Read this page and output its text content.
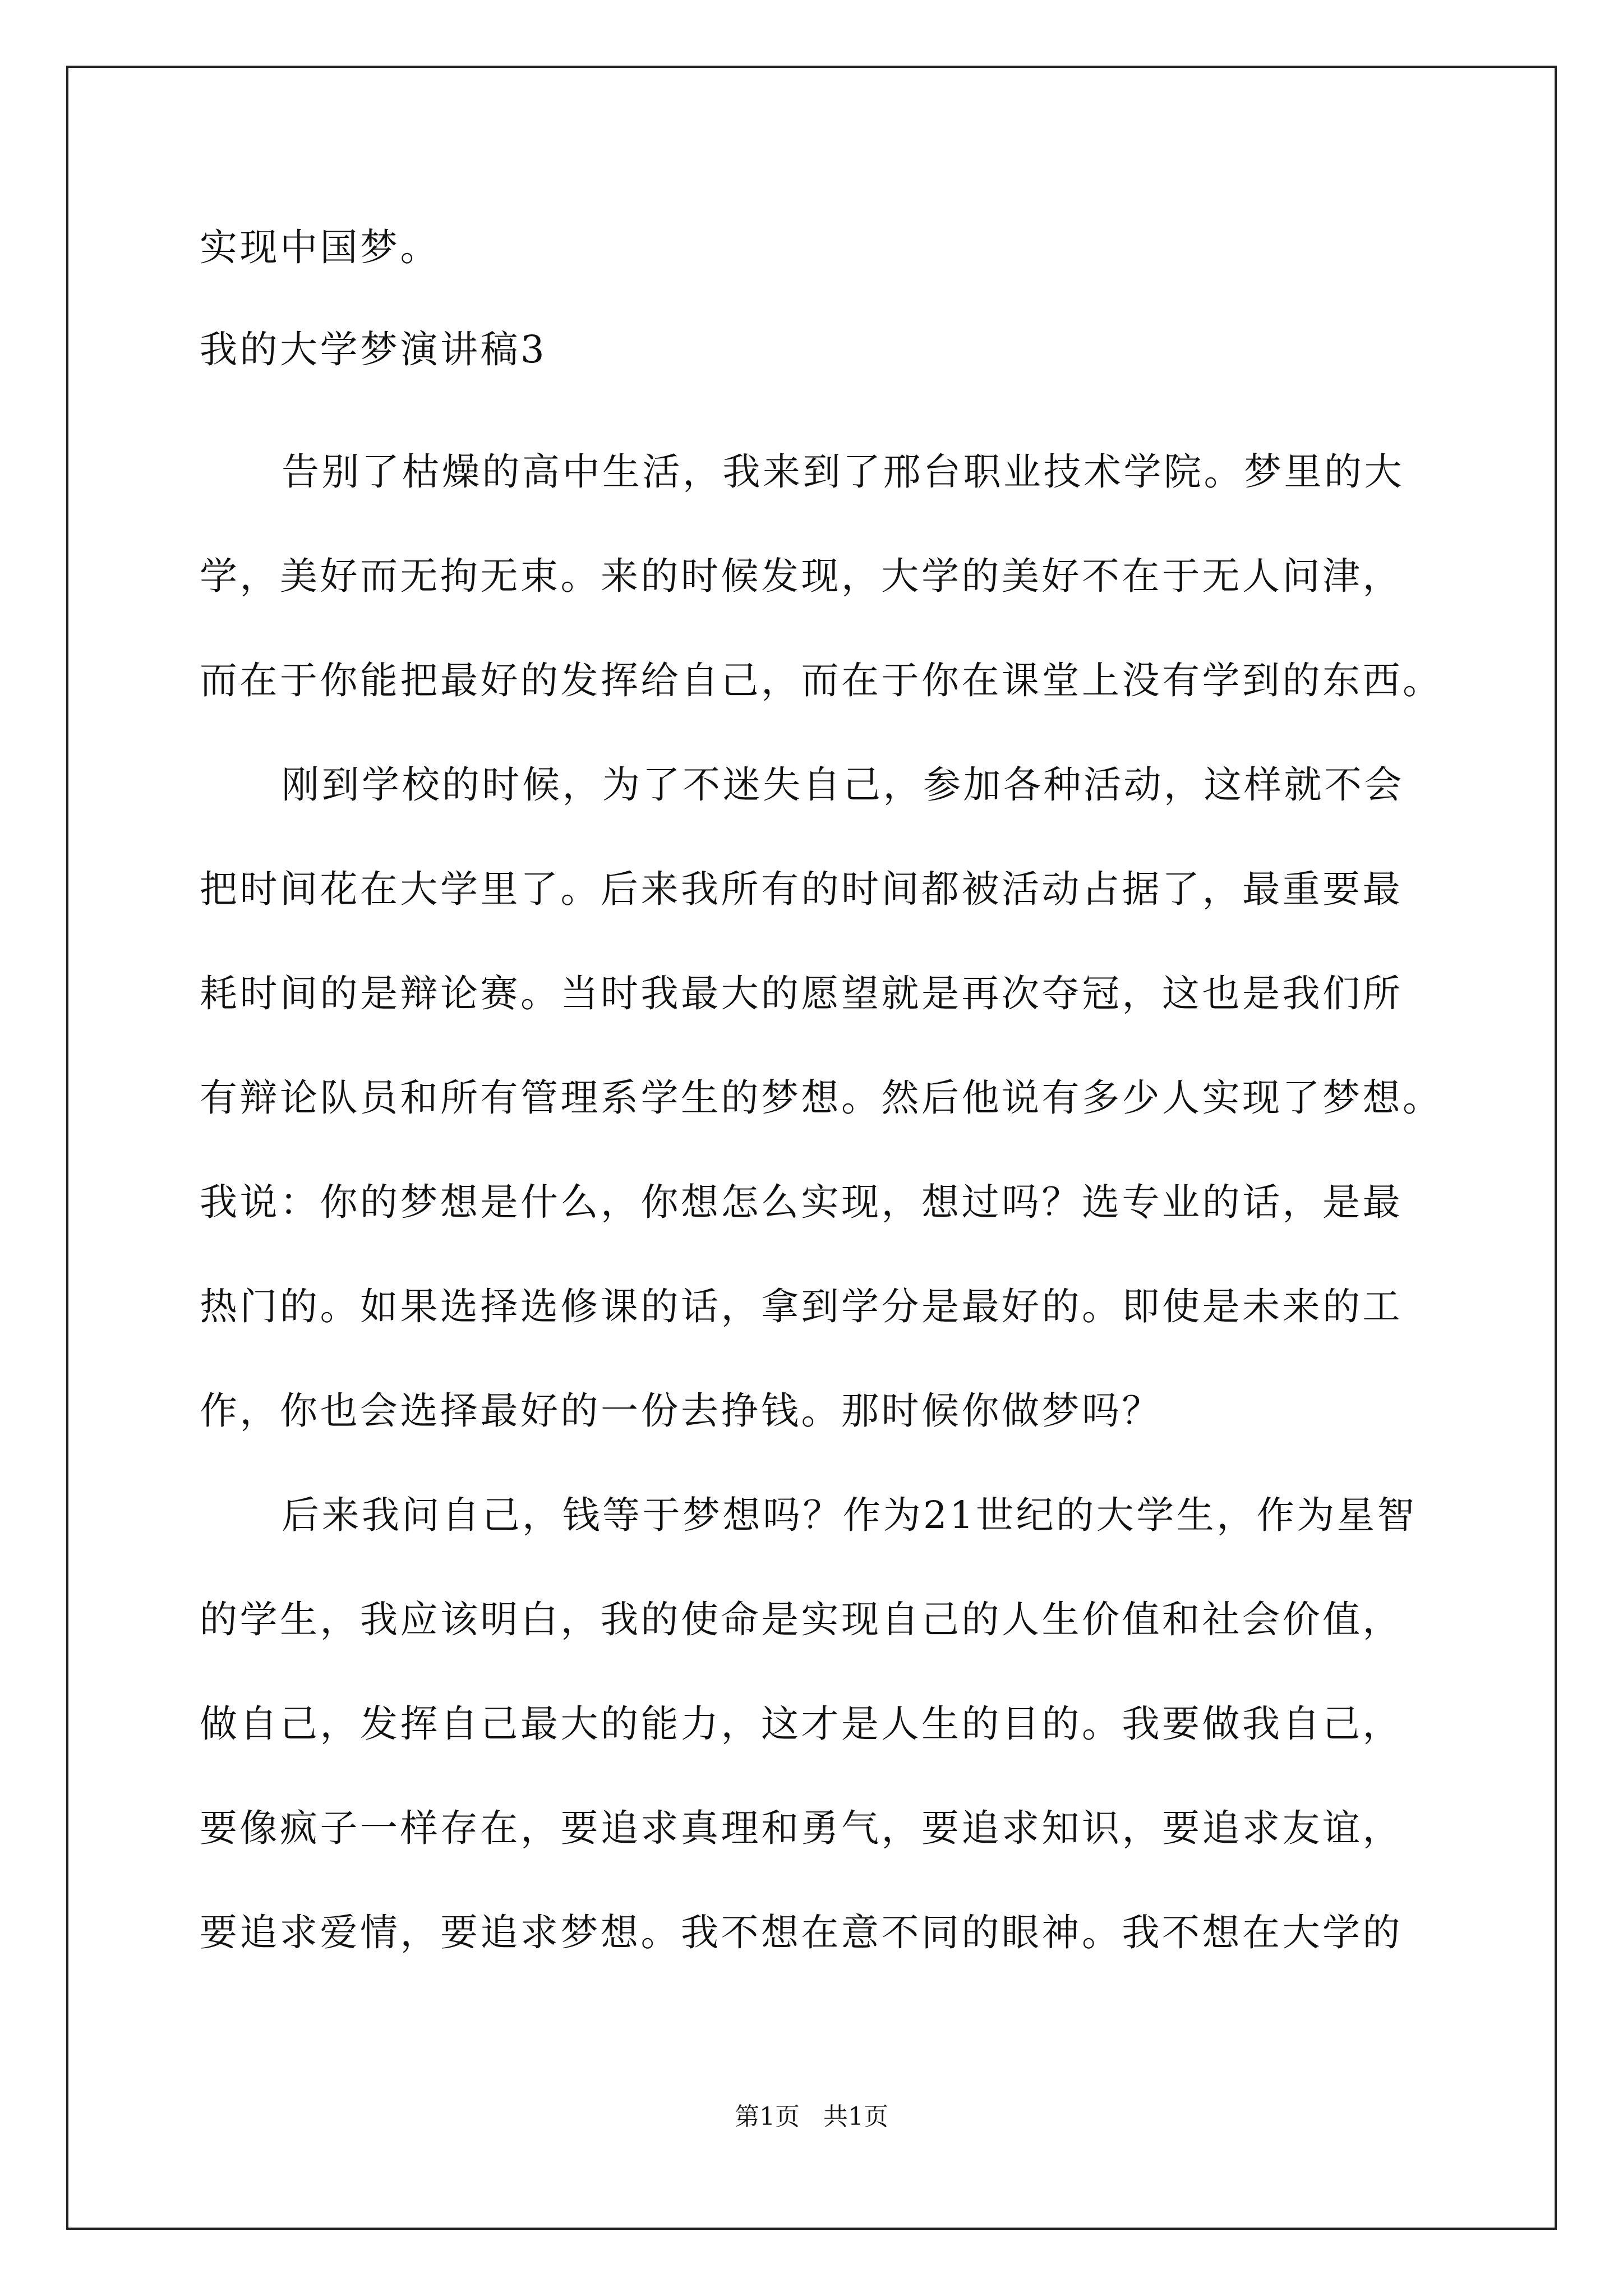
实现中国梦。
我的大学梦演讲稿3
告别了枯燥的高中生活，我来到了邢台职业技术学院。梦里的大
学，美好而无拘无束。来的时候发现，大学的美好不在于无人问津，
而在于你能把最好的发挥给自己，而在于你在课堂上没有学到的东西。
刚到学校的时候，为了不迷失自己，参加各种活动，这样就不会
把时间花在大学里了。后来我所有的时间都被活动占据了，最重要最
耗时间的是辩论赛。当时我最大的愿望就是再次夺冠，这也是我们所
有辩论队员和所有管理系学生的梦想。然后他说有多少人实现了梦想。
我说：你的梦想是什么，你想怎么实现，想过吗？选专业的话，是最
热门的。如果选择选修课的话，拿到学分是最好的。即使是未来的工
作，你也会选择最好的一份去挣钱。那时候你做梦吗？
后来我问自己，钱等于梦想吗？作为21世纪的大学生，作为星智
的学生，我应该明白，我的使命是实现自己的人生价值和社会价值，
做自己，发挥自己最大的能力，这才是人生的目的。我要做我自己，
要像疯子一样存在，要追求真理和勇气，要追求知识，要追求友谊，
要追求爱情，要追求梦想。我不想在意不同的眼神。我不想在大学的
第1页   共1页
